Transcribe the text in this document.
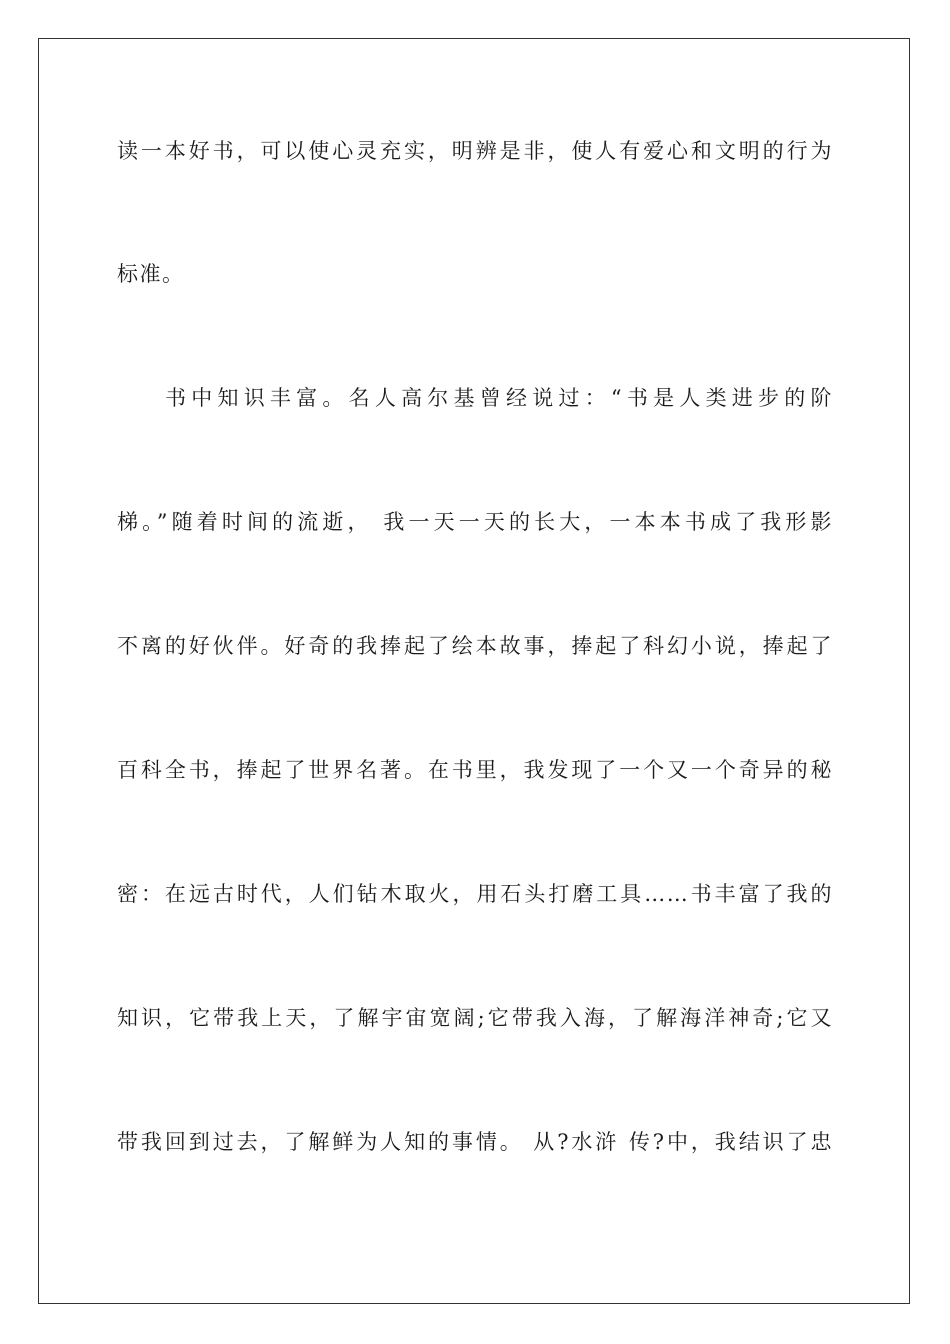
读一本好书，可以使心灵充实，明辨是非，使人有爱心和文明的行为
标准。
书中知识丰富。名人高尔基曾经说过：“书是人类进步的阶
梯。”随着时间的流逝， 我一天一天的长大，一本本书成了我形影
不离的好伙伴。好奇的我捧起了绘本故事，捧起了科幻小说，捧起了
百科全书，捧起了世界名著。在书里，我发现了一个又一个奇异的秘
密：在远古时代，人们钻木取火，用石头打磨工具……书丰富了我的
知识，它带我上天，了解宇宙宽阔;它带我入海，了解海洋神奇;它又
带我回到过去，了解鲜为人知的事情。 从?水浒 传?中，我结识了忠
